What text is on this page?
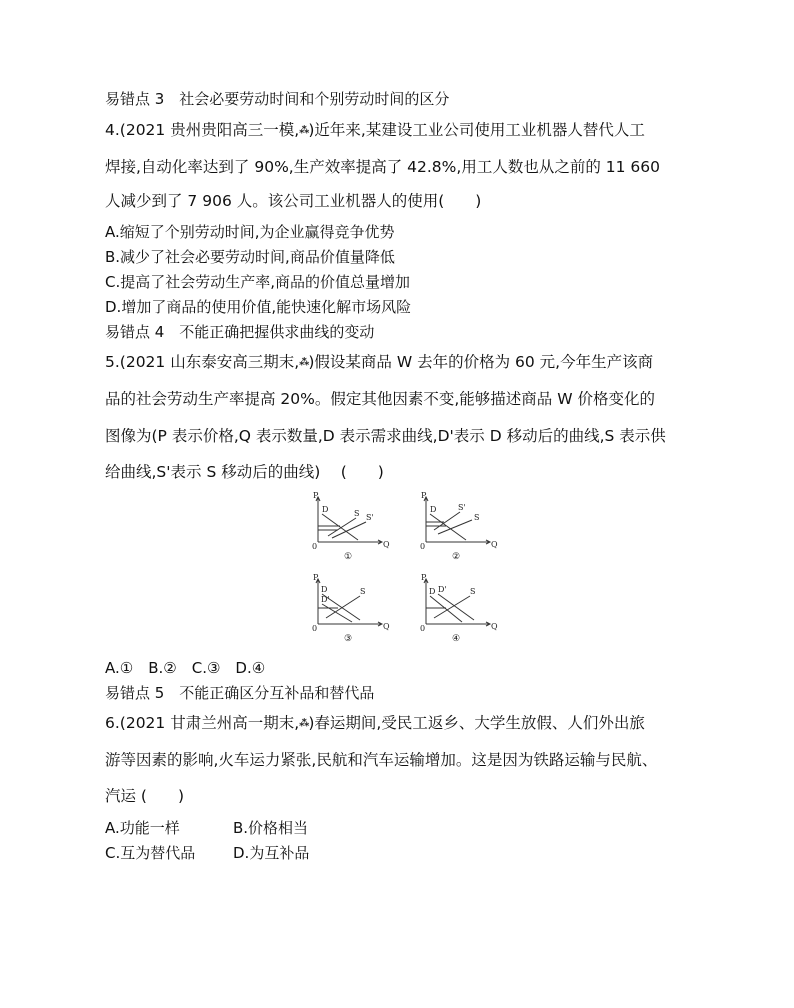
易错点 3　社会必要劳动时间和个别劳动时间的区分
4.(2021 贵州贵阳高三一模,⁂)近年来,某建设工业公司使用工业机器人替代人工
焊接,自动化率达到了 90%,生产效率提高了 42.8%,用工人数也从之前的 11 660
人减少到了 7 906 人。该公司工业机器人的使用(　　)
A.缩短了个别劳动时间,为企业赢得竞争优势
B.减少了社会必要劳动时间,商品价值量降低
C.提高了社会劳动生产率,商品的价值总量增加
D.增加了商品的使用价值,能快速化解市场风险
易错点 4　不能正确把握供求曲线的变动
5.(2021 山东泰安高三期末,⁂)假设某商品 W 去年的价格为 60 元,今年生产该商
品的社会劳动生产率提高 20%。假定其他因素不变,能够描述商品 W 价格变化的
图像为(P 表示价格,Q 表示数量,D 表示需求曲线,D'表示 D 移动后的曲线,S 表示供
给曲线,S'表示 S 移动后的曲线)　 (　　)
P
Q
0
D
S'
S
①
P
Q
0
D	S'
S
②
P
Q
0
D
D'
S
③
P
Q
0
D D'	S
④
A.①　B.②　C.③　D.④
易错点 5　不能正确区分互补品和替代品
6.(2021 甘肃兰州高一期末,⁂)春运期间,受民工返乡、大学生放假、人们外出旅
游等因素的影响,火车运力紧张,民航和汽车运输增加。这是因为铁路运输与民航、
汽运 (　　)
A.功能一样	B.价格相当
C.互为替代品	D.为互补品
